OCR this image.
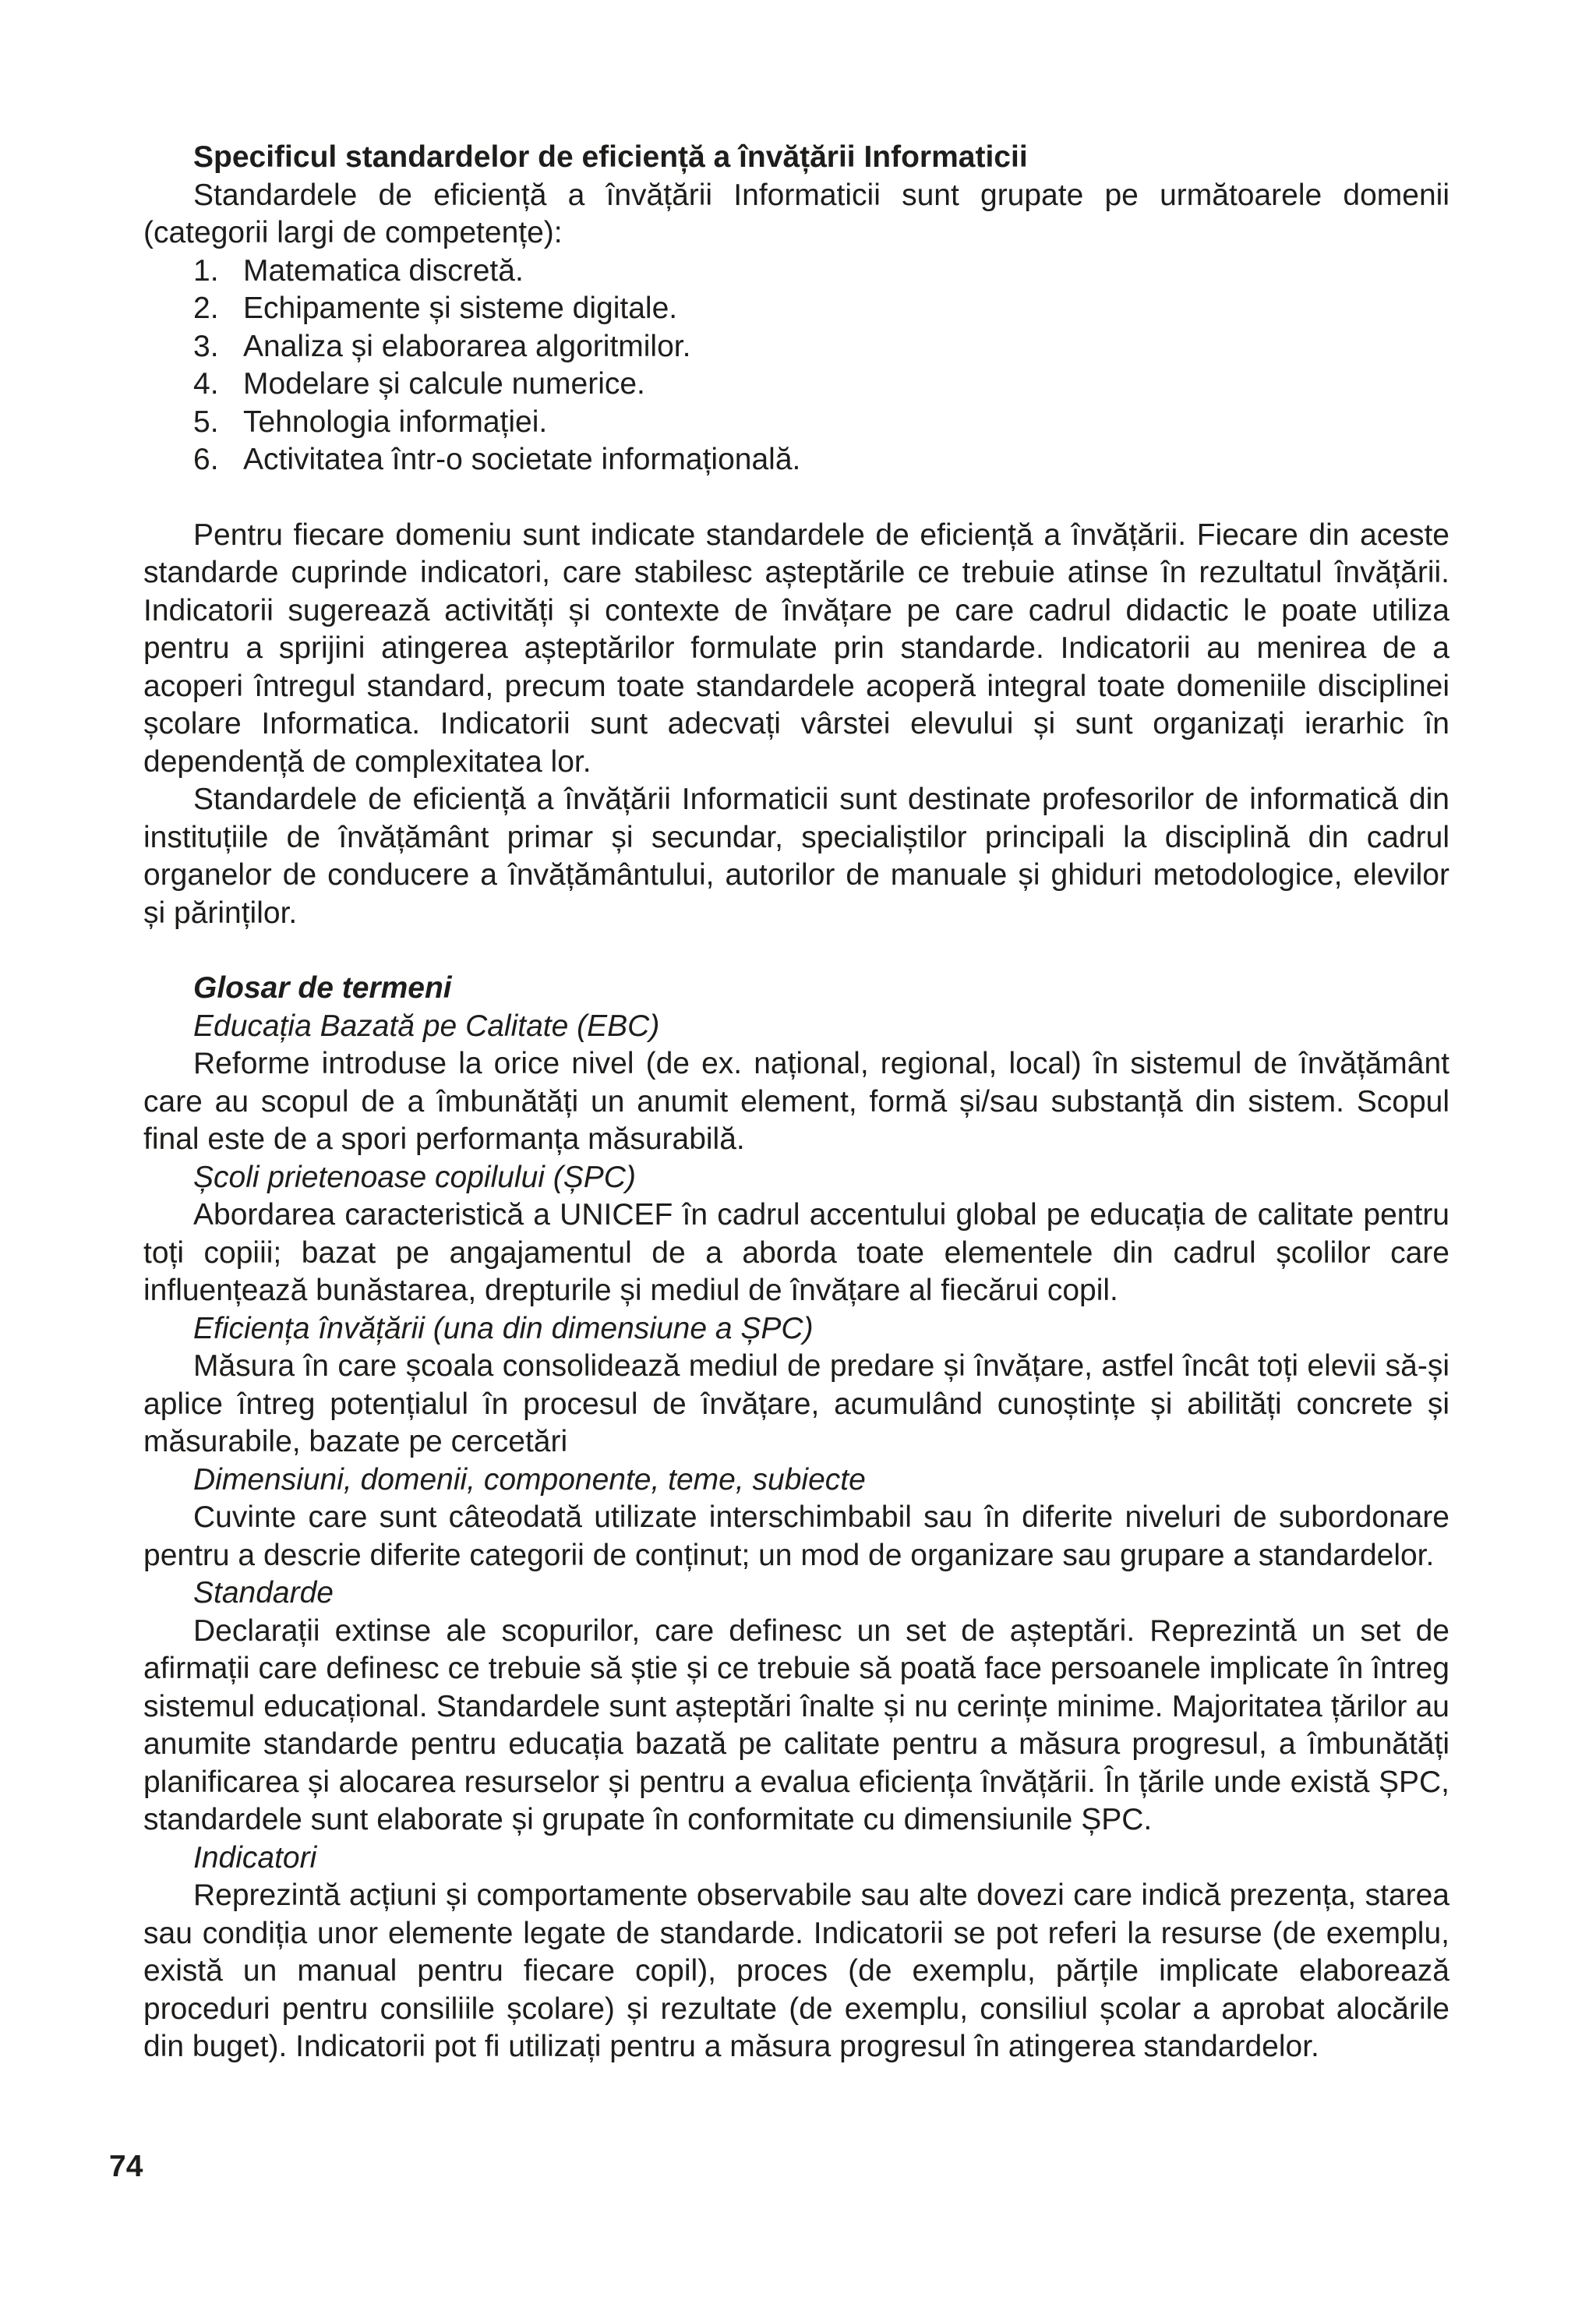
Specificul standardelor de eficiență a învățării Informaticii

Standardele de eficiență a învățării Informaticii sunt grupate pe următoarele domenii (categorii largi de competențe):

1. Matematica discretă.
2. Echipamente și sisteme digitale.
3. Analiza și elaborarea algoritmilor.
4. Modelare și calcule numerice.
5. Tehnologia informației.
6. Activitatea într-o societate informațională.

Pentru fiecare domeniu sunt indicate standardele de eficiență a învățării. Fiecare din aceste standarde cuprinde indicatori, care stabilesc așteptările ce trebuie atinse în rezultatul învățării. Indicatorii sugerează activități și contexte de învățare pe care cadrul didactic le poate utiliza pentru a sprijini atingerea așteptărilor formulate prin standarde. Indicatorii au menirea de a acoperi întregul standard, precum toate standardele acoperă integral toate domeniile disciplinei școlare Informatica. Indicatorii sunt adecvați vârstei elevului și sunt organizați ierarhic în dependență de complexitatea lor.

Standardele de eficiență a învățării Informaticii sunt destinate profesorilor de informatică din instituțiile de învățământ primar și secundar, specialiștilor principali la disciplină din cadrul organelor de conducere a învățământului, autorilor de manuale și ghiduri metodologice, elevilor și părinților.

Glosar de termeni
Educația Bazată pe Calitate (EBC)

Reforme introduse la orice nivel (de ex. național, regional, local) în sistemul de învățământ care au scopul de a îmbunătăți un anumit element, formă și/sau substanță din sistem. Scopul final este de a spori performanța măsurabilă.

Școli prietenoase copilului (ȘPC)

Abordarea caracteristică a UNICEF în cadrul accentului global pe educația de calitate pentru toți copiii; bazat pe angajamentul de a aborda toate elementele din cadrul școlilor care influențează bunăstarea, drepturile și mediul de învățare al fiecărui copil.

Eficiența învățării (una din dimensiune a ȘPC)

Măsura în care școala consolidează mediul de predare și învățare, astfel încât toți elevii să-și aplice întreg potențialul în procesul de învățare, acumulând cunoștințe și abilități concrete și măsurabile, bazate pe cercetări

Dimensiuni, domenii, componente, teme, subiecte

Cuvinte care sunt câteodată utilizate interschimbabil sau în diferite niveluri de subordonare pentru a descrie diferite categorii de conținut; un mod de organizare sau grupare a standardelor.

Standarde

Declarații extinse ale scopurilor, care definesc un set de așteptări. Reprezintă un set de afirmații care definesc ce trebuie să știe și ce trebuie să poată face persoanele implicate în întreg sistemul educațional. Standardele sunt așteptări înalte și nu cerințe minime. Majoritatea țărilor au anumite standarde pentru educația bazată pe calitate pentru a măsura progresul, a îmbunătăți planificarea și alocarea resurselor și pentru a evalua eficiența învățării. În țările unde există ȘPC, standardele sunt elaborate și grupate în conformitate cu dimensiunile ȘPC.

Indicatori

Reprezintă acțiuni și comportamente observabile sau alte dovezi care indică prezența, starea sau condiția unor elemente legate de standarde. Indicatorii se pot referi la resurse (de exemplu, există un manual pentru fiecare copil), proces (de exemplu, părțile implicate elaborează proceduri pentru consiliile școlare) și rezultate (de exemplu, consiliul școlar a aprobat alocările din buget). Indicatorii pot fi utilizați pentru a măsura progresul în atingerea standardelor.

74
